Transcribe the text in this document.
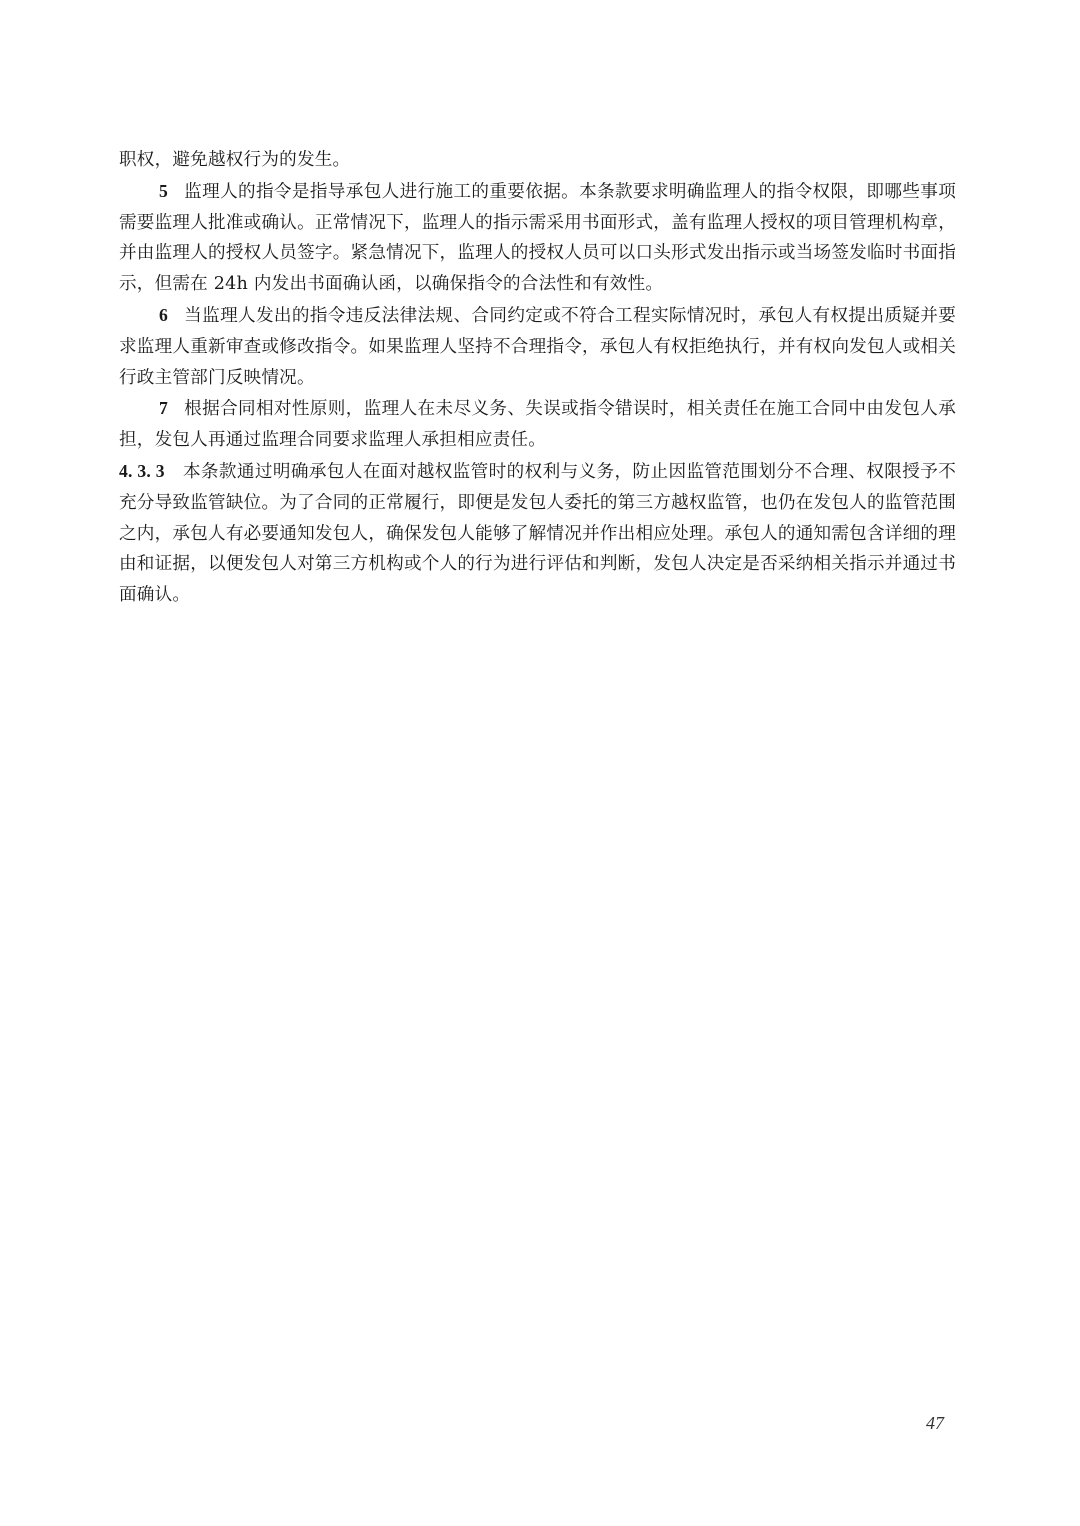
职权，避免越权行为的发生。

5 监理人的指令是指导承包人进行施工的重要依据。本条款要求明确监理人的指令权限，即哪些事项需要监理人批准或确认。正常情况下，监理人的指示需采用书面形式，盖有监理人授权的项目管理机构章，并由监理人的授权人员签字。紧急情况下，监理人的授权人员可以口头形式发出指示或当场签发临时书面指示，但需在 24h 内发出书面确认函，以确保指令的合法性和有效性。

6 当监理人发出的指令违反法律法规、合同约定或不符合工程实际情况时，承包人有权提出质疑并要求监理人重新审查或修改指令。如果监理人坚持不合理指令，承包人有权拒绝执行，并有权向发包人或相关行政主管部门反映情况。

7 根据合同相对性原则，监理人在未尽义务、失误或指令错误时，相关责任在施工合同中由发包人承担，发包人再通过监理合同要求监理人承担相应责任。

4. 3. 3 本条款通过明确承包人在面对越权监管时的权利与义务，防止因监管范围划分不合理、权限授予不充分导致监管缺位。为了合同的正常履行，即便是发包人委托的第三方越权监管，也仍在发包人的监管范围之内，承包人有必要通知发包人，确保发包人能够了解情况并作出相应处理。承包人的通知需包含详细的理由和证据，以便发包人对第三方机构或个人的行为进行评估和判断，发包人决定是否采纳相关指示并通过书面确认。

47
